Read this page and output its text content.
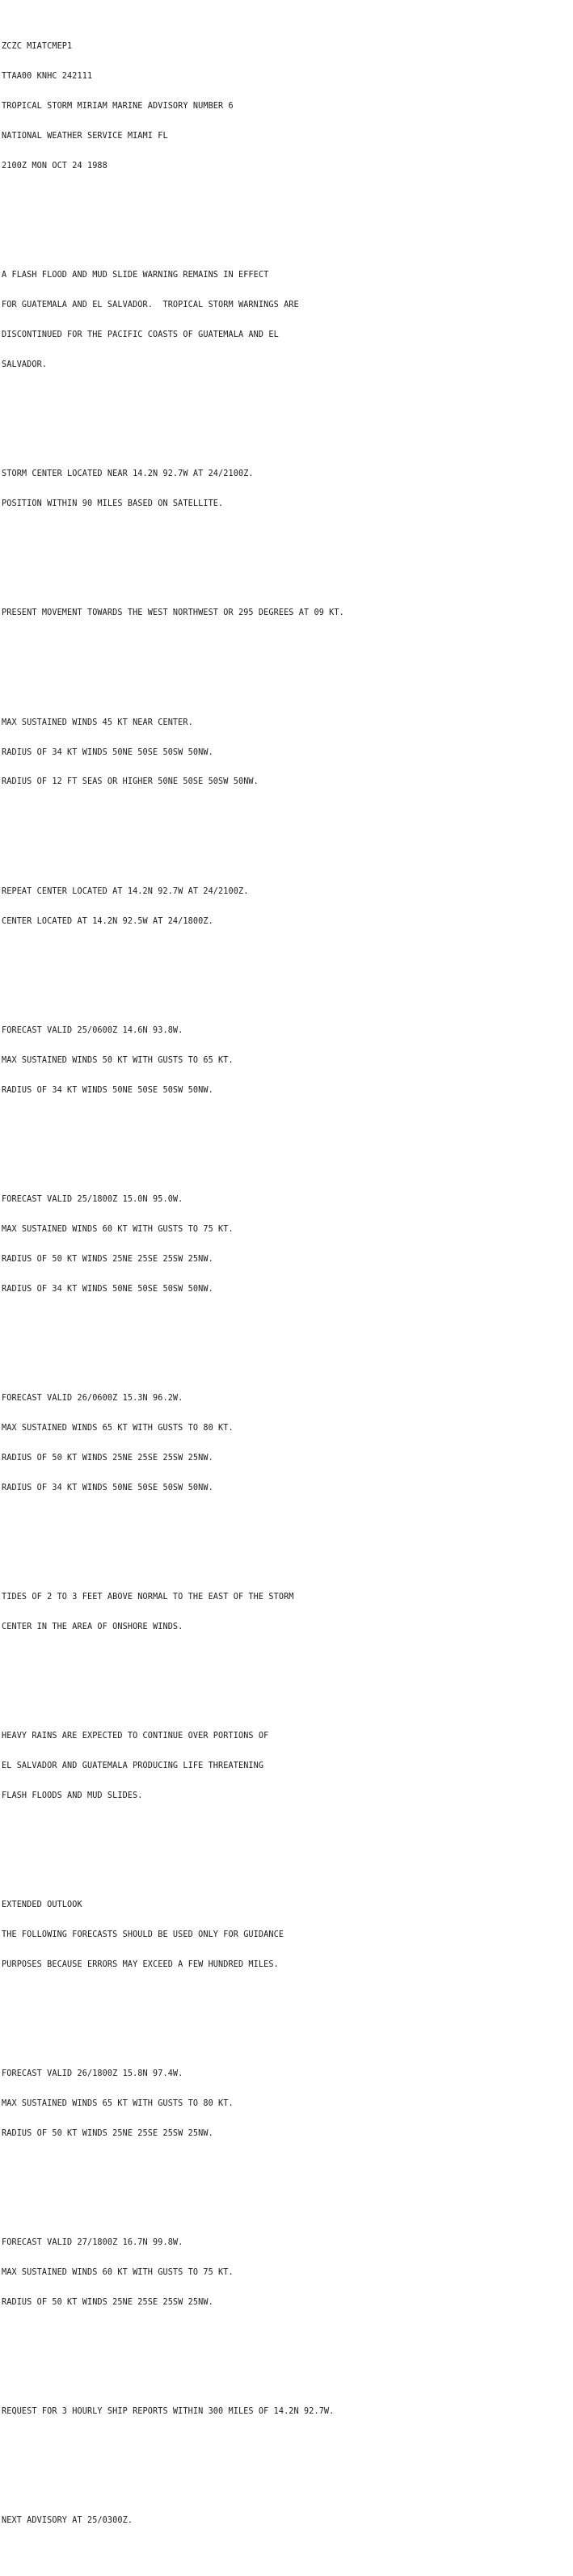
ZCZC MIATCMEP1

TTAA00 KNHC 242111

TROPICAL STORM MIRIAM MARINE ADVISORY NUMBER 6

NATIONAL WEATHER SERVICE MIAMI FL

2100Z MON OCT 24 1988

A FLASH FLOOD AND MUD SLIDE WARNING REMAINS IN EFFECT

FOR GUATEMALA AND EL SALVADOR.  TROPICAL STORM WARNINGS ARE

DISCONTINUED FOR THE PACIFIC COASTS OF GUATEMALA AND EL

SALVADOR.

STORM CENTER LOCATED NEAR 14.2N 92.7W AT 24/2100Z.

POSITION WITHIN 90 MILES BASED ON SATELLITE.

PRESENT MOVEMENT TOWARDS THE WEST NORTHWEST OR 295 DEGREES AT 09 KT.

MAX SUSTAINED WINDS 45 KT NEAR CENTER.

RADIUS OF 34 KT WINDS 50NE 50SE 50SW 50NW.

RADIUS OF 12 FT SEAS OR HIGHER 50NE 50SE 50SW 50NW.

REPEAT CENTER LOCATED AT 14.2N 92.7W AT 24/2100Z.

CENTER LOCATED AT 14.2N 92.5W AT 24/1800Z.

FORECAST VALID 25/0600Z 14.6N 93.8W.

MAX SUSTAINED WINDS 50 KT WITH GUSTS TO 65 KT.

RADIUS OF 34 KT WINDS 50NE 50SE 50SW 50NW.

FORECAST VALID 25/1800Z 15.0N 95.0W.

MAX SUSTAINED WINDS 60 KT WITH GUSTS TO 75 KT.

RADIUS OF 50 KT WINDS 25NE 25SE 25SW 25NW.

RADIUS OF 34 KT WINDS 50NE 50SE 50SW 50NW.

FORECAST VALID 26/0600Z 15.3N 96.2W.

MAX SUSTAINED WINDS 65 KT WITH GUSTS TO 80 KT.

RADIUS OF 50 KT WINDS 25NE 25SE 25SW 25NW.

RADIUS OF 34 KT WINDS 50NE 50SE 50SW 50NW.

TIDES OF 2 TO 3 FEET ABOVE NORMAL TO THE EAST OF THE STORM

CENTER IN THE AREA OF ONSHORE WINDS.

HEAVY RAINS ARE EXPECTED TO CONTINUE OVER PORTIONS OF

EL SALVADOR AND GUATEMALA PRODUCING LIFE THREATENING

FLASH FLOODS AND MUD SLIDES.

EXTENDED OUTLOOK

THE FOLLOWING FORECASTS SHOULD BE USED ONLY FOR GUIDANCE

PURPOSES BECAUSE ERRORS MAY EXCEED A FEW HUNDRED MILES.

FORECAST VALID 26/1800Z 15.8N 97.4W.

MAX SUSTAINED WINDS 65 KT WITH GUSTS TO 80 KT.

RADIUS OF 50 KT WINDS 25NE 25SE 25SW 25NW.

FORECAST VALID 27/1800Z 16.7N 99.8W.

MAX SUSTAINED WINDS 60 KT WITH GUSTS TO 75 KT.

RADIUS OF 50 KT WINDS 25NE 25SE 25SW 25NW.

REQUEST FOR 3 HOURLY SHIP REPORTS WITHIN 300 MILES OF 14.2N 92.7W.

NEXT ADVISORY AT 25/0300Z.
